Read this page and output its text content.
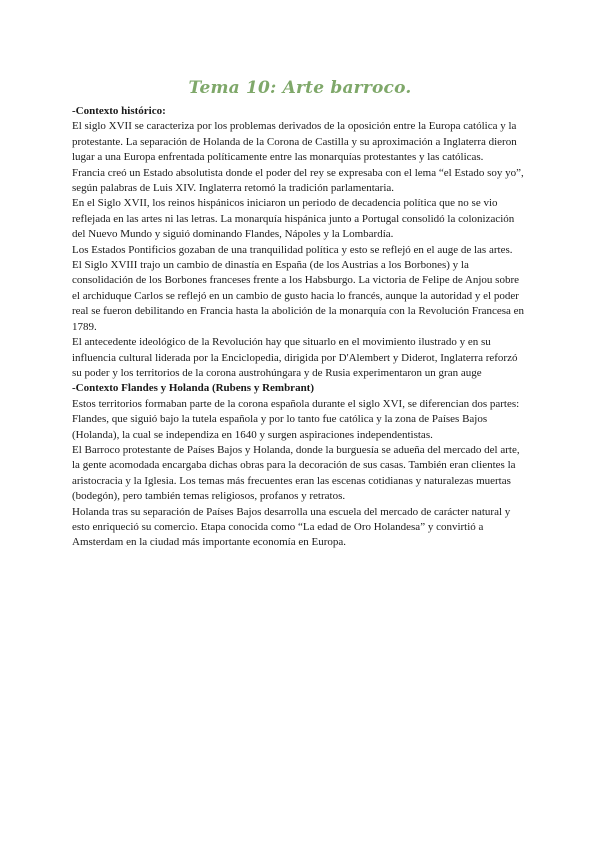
Tema 10: Arte barroco.

-Contexto histórico:

El siglo XVII se caracteriza por los problemas derivados de la oposición entre la Europa católica y la protestante. La separación de Holanda de la Corona de Castilla y su aproximación a Inglaterra dieron lugar a una Europa enfrentada políticamente entre las monarquías protestantes y las católicas.

Francia creó un Estado absolutista donde el poder del rey se expresaba con el lema “el Estado soy yo”, según palabras de Luis XIV. Inglaterra retomó la tradición parlamentaria.

En el Siglo XVII, los reinos hispánicos iniciaron un periodo de decadencia política que no se vio reflejada en las artes ni las letras. La monarquía hispánica junto a Portugal consolidó la colonización del Nuevo Mundo y siguió dominando Flandes, Nápoles y la Lombardía.

Los Estados Pontificios gozaban de una tranquilidad política y esto se reflejó en el auge de las artes.

El Siglo XVIII trajo un cambio de dinastía en España (de los Austrias a los Borbones) y la consolidación de los Borbones franceses frente a los Habsburgo. La victoria de Felipe de Anjou sobre el archiduque Carlos se reflejó en un cambio de gusto hacia lo francés, aunque la autoridad y el poder real se fueron debilitando en Francia hasta la abolición de la monarquía con la Revolución Francesa en 1789.

El antecedente ideológico de la Revolución hay que situarlo en el movimiento ilustrado y en su influencia cultural liderada por la Enciclopedia, dirigida por D'Alembert y Diderot, Inglaterra reforzó su poder y los territorios de la corona austrohúngara y de Rusia experimentaron un gran auge

-Contexto Flandes y Holanda (Rubens y Rembrant)

Estos territorios formaban parte de la corona española durante el siglo XVI, se diferencian dos partes: Flandes, que siguió bajo la tutela española y por lo tanto fue católica y la zona de Países Bajos (Holanda), la cual se independiza en 1640 y surgen aspiraciones independentistas.

El Barroco protestante de Países Bajos y Holanda, donde la burguesía se adueña del mercado del arte, la gente acomodada encargaba dichas obras para la decoración de sus casas. También eran clientes la aristocracia y la Iglesia. Los temas más frecuentes eran las escenas cotidianas y naturalezas muertas (bodegón), pero también temas religiosos, profanos y retratos.

Holanda tras su separación de Países Bajos desarrolla una escuela del mercado de carácter natural y esto enriqueció su comercio. Etapa conocida como “La edad de Oro Holandesa” y convirtió a Amsterdam en la ciudad más importante economía en Europa.
